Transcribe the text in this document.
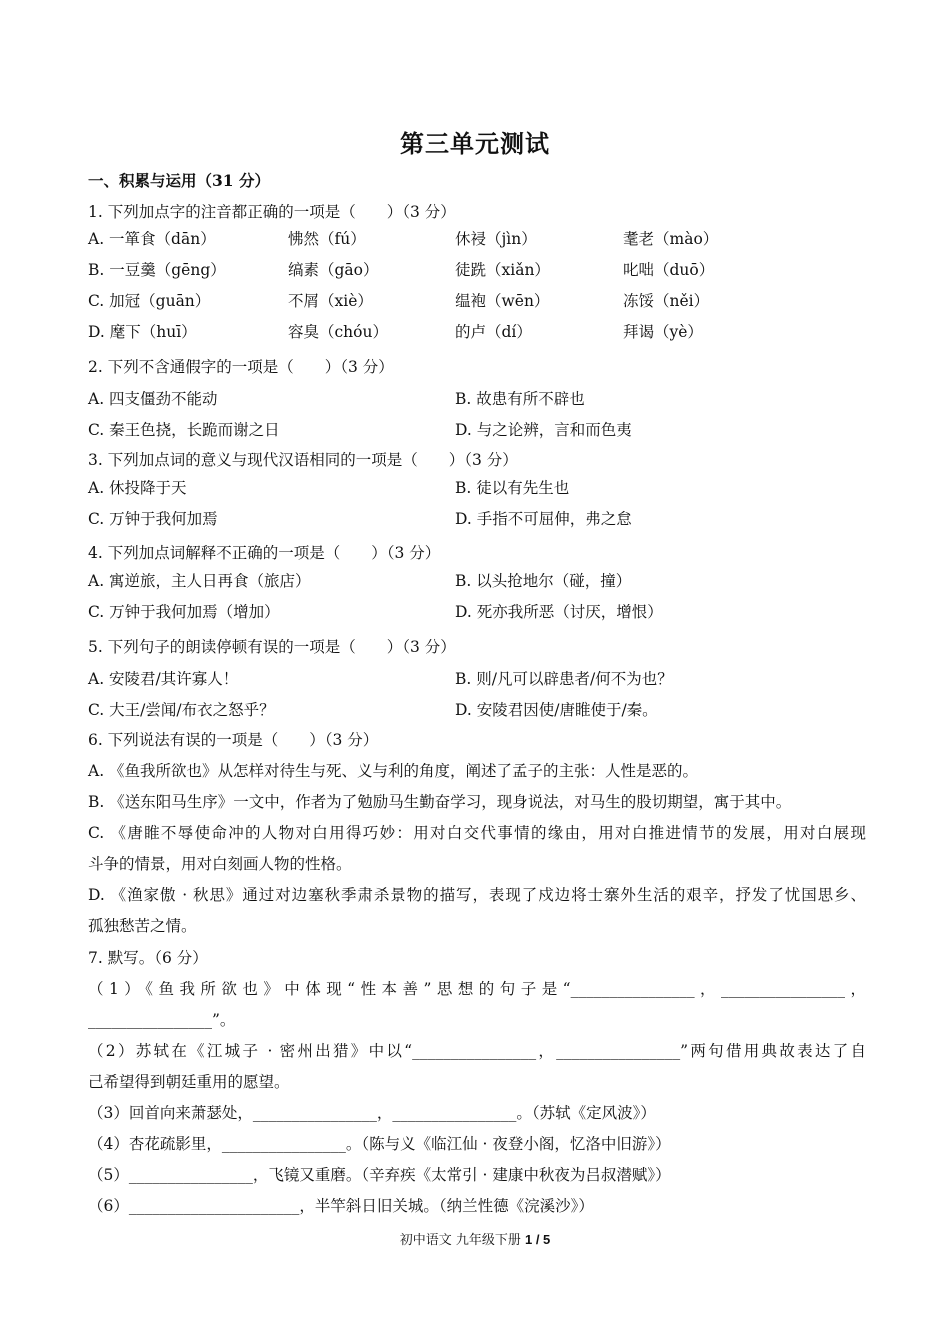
第三单元测试
一、积累与运用（31 分）
1. 下列加点字的注音都正确的一项是（　　）（3 分）
A. 一箪食（dān）	怫然（fú）	休祲（jìn）	耄老（mào）
B. 一豆羹（gēng）	缟素（gāo）	徒跣（xiǎn）	叱咄（duō）
C. 加冠（guān）	不屑（xiè）	缊袍（wēn）	冻馁（něi）
D. 麾下（huī）	容臭（chóu）	的卢（dí）	拜谒（yè）
2. 下列不含通假字的一项是（　　）（3 分）
A. 四支僵劲不能动	B. 故患有所不辟也
C. 秦王色挠，长跪而谢之日	D. 与之论辨，言和而色夷
3. 下列加点词的意义与现代汉语相同的一项是（　　）（3 分）
A. 休投降于天	B. 徒以有先生也
C. 万钟于我何加焉	D. 手指不可屈伸，弗之怠
4. 下列加点词解释不正确的一项是（　　）（3 分）
A. 寓逆旅，主人日再食（旅店）	B. 以头抢地尔（碰，撞）
C. 万钟于我何加焉（增加）	D. 死亦我所恶（讨厌，增恨）
5. 下列句子的朗读停顿有误的一项是（　　）（3 分）
A. 安陵君/其许寡人！	B. 则/凡可以辟患者/何不为也？
C. 大王/尝闻/布衣之怒乎？	D. 安陵君因使/唐睢使于/秦。
6. 下列说法有误的一项是（　　）（3 分）
A. 《鱼我所欲也》从怎样对待生与死、义与利的角度，阐述了孟子的主张：人性是恶的。
B. 《送东阳马生序》一文中，作者为了勉励马生勤奋学习，现身说法，对马生的股切期望，寓于其中。
C. 《唐睢不辱使命冲的人物对白用得巧妙：用对白交代事情的缘由，用对白推进情节的发展，用对白展现
斗争的情景，用对白刻画人物的性格。
D. 《渔家傲 · 秋思》通过对边塞秋季肃杀景物的描写，表现了戍边将士寨外生活的艰辛，抒发了忧国思乡、
孤独愁苦之情。
7. 默写。（6 分）
（1）《鱼我所欲也》中体现“性本善”思想的句子是“________________，________________，
________________”。
（2）苏轼在《江城子 · 密州出猎》中以“________________，________________”两句借用典故表达了自
己希望得到朝廷重用的愿望。
（3）回首向来萧瑟处，________________，________________。（苏轼《定风波》）
（4）杏花疏影里，________________。（陈与义《临江仙 · 夜登小阁，忆洛中旧游》）
（5）________________，飞镜又重磨。（辛弃疾《太常引 · 建康中秋夜为吕叔潜赋》）
（6）______________________，半竿斜日旧关城。（纳兰性德《浣溪沙》）
初中语文 九年级下册 1 / 5
